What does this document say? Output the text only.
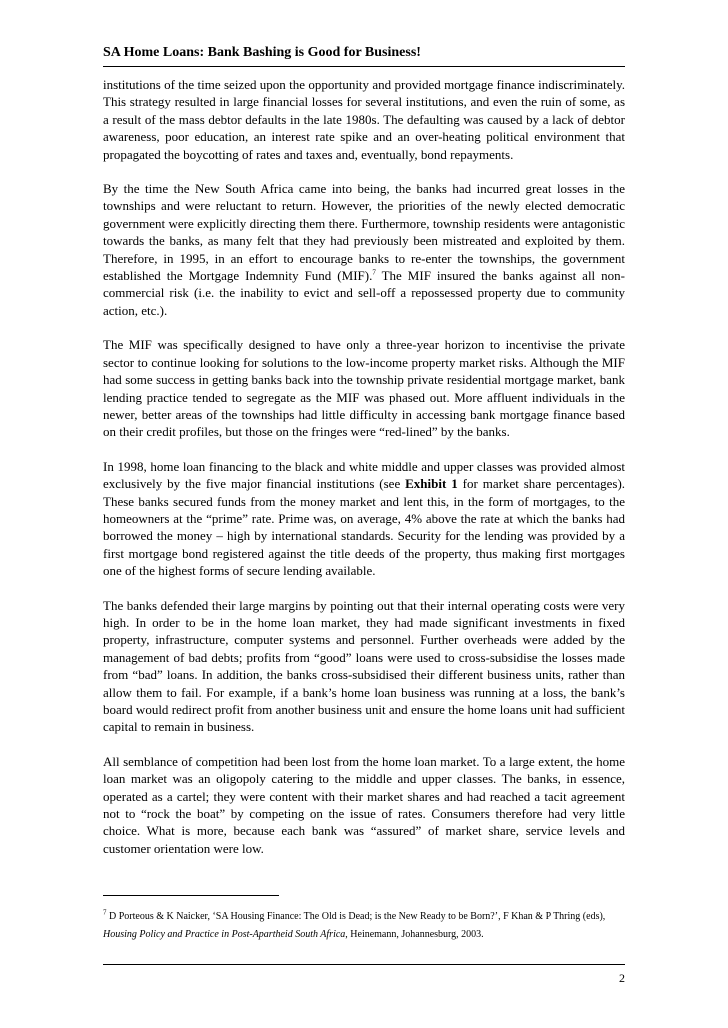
SA Home Loans: Bank Bashing is Good for Business!

institutions of the time seized upon the opportunity and provided mortgage finance indiscriminately. This strategy resulted in large financial losses for several institutions, and even the ruin of some, as a result of the mass debtor defaults in the late 1980s. The defaulting was caused by a lack of debtor awareness, poor education, an interest rate spike and an over-heating political environment that propagated the boycotting of rates and taxes and, eventually, bond repayments.

By the time the New South Africa came into being, the banks had incurred great losses in the townships and were reluctant to return. However, the priorities of the newly elected democratic government were explicitly directing them there. Furthermore, township residents were antagonistic towards the banks, as many felt that they had previously been mistreated and exploited by them. Therefore, in 1995, in an effort to encourage banks to re-enter the townships, the government established the Mortgage Indemnity Fund (MIF).$^7$ The MIF insured the banks against all non-commercial risk (i.e. the inability to evict and sell-off a repossessed property due to community action, etc.).

The MIF was specifically designed to have only a three-year horizon to incentivise the private sector to continue looking for solutions to the low-income property market risks. Although the MIF had some success in getting banks back into the township private residential mortgage market, bank lending practice tended to segregate as the MIF was phased out. More affluent individuals in the newer, better areas of the townships had little difficulty in accessing bank mortgage finance based on their credit profiles, but those on the fringes were “red-lined” by the banks.

In 1998, home loan financing to the black and white middle and upper classes was provided almost exclusively by the five major financial institutions (see Exhibit 1 for market share percentages). These banks secured funds from the money market and lent this, in the form of mortgages, to the homeowners at the “prime” rate. Prime was, on average, 4% above the rate at which the banks had borrowed the money – high by international standards. Security for the lending was provided by a first mortgage bond registered against the title deeds of the property, thus making first mortgages one of the highest forms of secure lending available.

The banks defended their large margins by pointing out that their internal operating costs were very high. In order to be in the home loan market, they had made significant investments in fixed property, infrastructure, computer systems and personnel. Further overheads were added by the management of bad debts; profits from “good” loans were used to cross-subsidise the losses made from “bad” loans. In addition, the banks cross-subsidised their different business units, rather than allow them to fail. For example, if a bank’s home loan business was running at a loss, the bank’s board would redirect profit from another business unit and ensure the home loans unit had sufficient capital to remain in business.

All semblance of competition had been lost from the home loan market. To a large extent, the home loan market was an oligopoly catering to the middle and upper classes. The banks, in essence, operated as a cartel; they were content with their market shares and had reached a tacit agreement not to “rock the boat” by competing on the issue of rates. Consumers therefore had very little choice. What is more, because each bank was “assured” of market share, service levels and customer orientation were low.

$^7$ D Porteous & K Naicker, ‘SA Housing Finance: The Old is Dead; is the New Ready to be Born?’, F Khan & P Thring (eds), Housing Policy and Practice in Post-Apartheid South Africa, Heinemann, Johannesburg, 2003.
2
